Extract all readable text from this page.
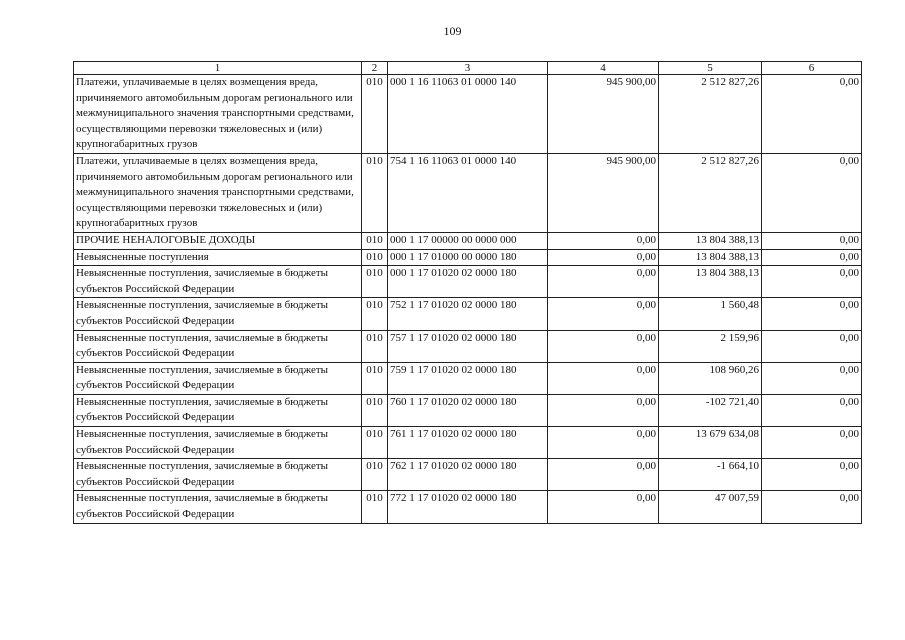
109
1	2	3	4	5	6
Платежи, уплачиваемые в целях возмещения вреда, причиняемого автомобильным дорогам регионального или межмуниципального значения транспортными средствами, осуществляющими перевозки тяжеловесных и (или) крупногабаритных грузов	010	000 1 16 11063 01 0000 140	945 900,00	2 512 827,26	0,00
Платежи, уплачиваемые в целях возмещения вреда, причиняемого автомобильным дорогам регионального или межмуниципального значения транспортными средствами, осуществляющими перевозки тяжеловесных и (или) крупногабаритных грузов	010	754 1 16 11063 01 0000 140	945 900,00	2 512 827,26	0,00
ПРОЧИЕ НЕНАЛОГОВЫЕ ДОХОДЫ	010	000 1 17 00000 00 0000 000	0,00	13 804 388,13	0,00
Невыясненные поступления	010	000 1 17 01000 00 0000 180	0,00	13 804 388,13	0,00
Невыясненные поступления, зачисляемые в бюджеты субъектов Российской Федерации	010	000 1 17 01020 02 0000 180	0,00	13 804 388,13	0,00
Невыясненные поступления, зачисляемые в бюджеты субъектов Российской Федерации	010	752 1 17 01020 02 0000 180	0,00	1 560,48	0,00
Невыясненные поступления, зачисляемые в бюджеты субъектов Российской Федерации	010	757 1 17 01020 02 0000 180	0,00	2 159,96	0,00
Невыясненные поступления, зачисляемые в бюджеты субъектов Российской Федерации	010	759 1 17 01020 02 0000 180	0,00	108 960,26	0,00
Невыясненные поступления, зачисляемые в бюджеты субъектов Российской Федерации	010	760 1 17 01020 02 0000 180	0,00	-102 721,40	0,00
Невыясненные поступления, зачисляемые в бюджеты субъектов Российской Федерации	010	761 1 17 01020 02 0000 180	0,00	13 679 634,08	0,00
Невыясненные поступления, зачисляемые в бюджеты субъектов Российской Федерации	010	762 1 17 01020 02 0000 180	0,00	-1 664,10	0,00
Невыясненные поступления, зачисляемые в бюджеты субъектов Российской Федерации	010	772 1 17 01020 02 0000 180	0,00	47 007,59	0,00
